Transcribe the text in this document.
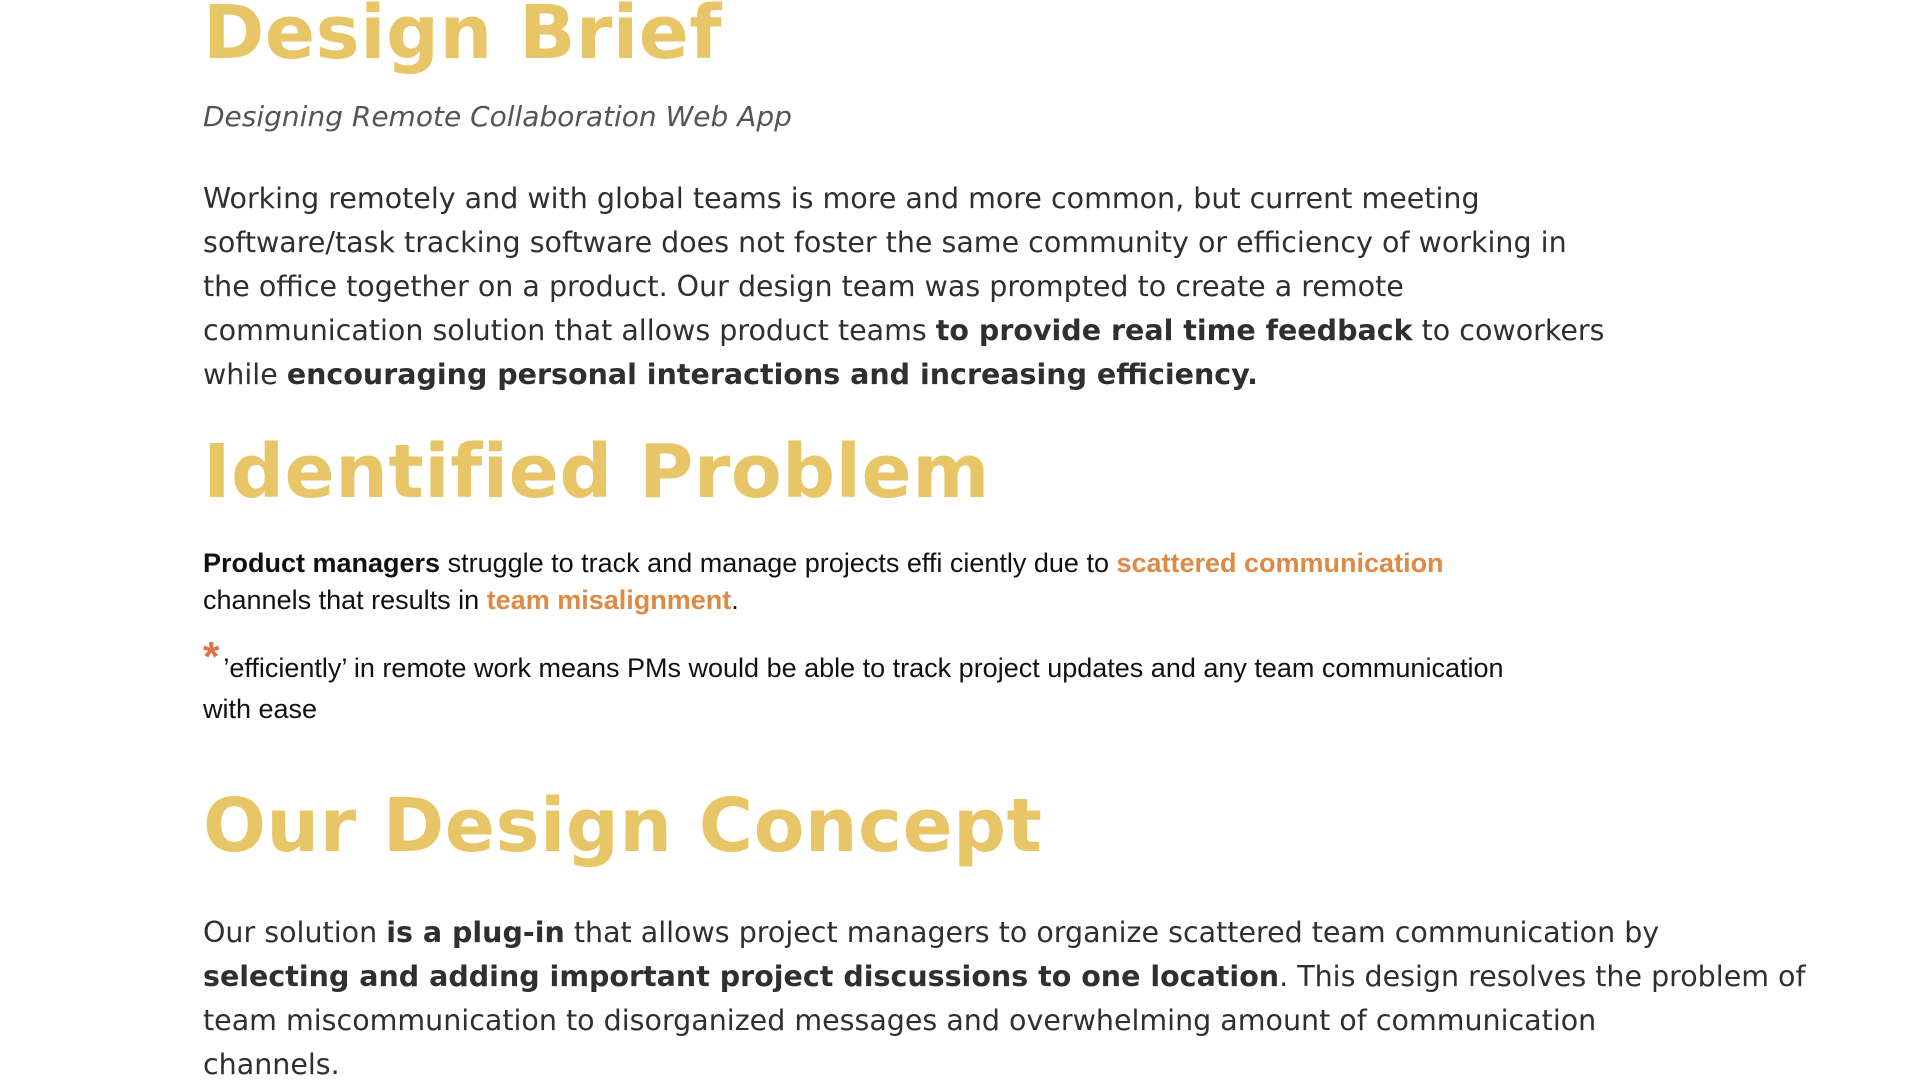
Design Brief
Designing Remote Collaboration Web App

Working remotely and with global teams is more and more common, but current meeting
software/task tracking software does not foster the same community or efficiency of working in
the office together on a product. Our design team was prompted to create a remote
communication solution that allows product teams to provide real time feedback to coworkers
while encouraging personal interactions and increasing efficiency.

Identified Problem

Product managers struggle to track and manage projects effi ciently due to scattered communication
channels that results in team misalignment.

* ’efficiently’ in remote work means PMs would be able to track project updates and any team communication
with ease

Our Design Concept

Our solution is a plug-in that allows project managers to organize scattered team communication by
selecting and adding important project discussions to one location. This design resolves the problem of
team miscommunication to disorganized messages and overwhelming amount of communication
channels.
